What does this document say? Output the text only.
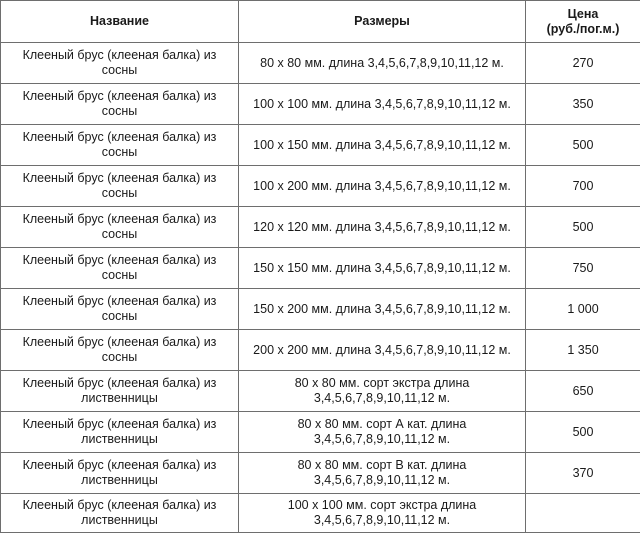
Название	Размеры	Цена
(руб./пог.м.)
Клееный брус (клееная балка) из сосны	80 х 80 мм. длина 3,4,5,6,7,8,9,10,11,12 м.	270
Клееный брус (клееная балка) из сосны	100 х 100 мм. длина 3,4,5,6,7,8,9,10,11,12 м.	350
Клееный брус (клееная балка) из сосны	100 х 150 мм. длина 3,4,5,6,7,8,9,10,11,12 м.	500
Клееный брус (клееная балка) из сосны	100 х 200 мм. длина 3,4,5,6,7,8,9,10,11,12 м.	700
Клееный брус (клееная балка) из сосны	120 х 120 мм. длина 3,4,5,6,7,8,9,10,11,12 м.	500
Клееный брус (клееная балка) из сосны	150 х 150 мм. длина 3,4,5,6,7,8,9,10,11,12 м.	750
Клееный брус (клееная балка) из сосны	150 х 200 мм. длина 3,4,5,6,7,8,9,10,11,12 м.	1 000
Клееный брус (клееная балка) из сосны	200 х 200 мм. длина 3,4,5,6,7,8,9,10,11,12 м.	1 350
Клееный брус (клееная балка) из лиственницы	80 х 80 мм. сорт экстра длина 3,4,5,6,7,8,9,10,11,12 м.	650
Клееный брус (клееная балка) из лиственницы	80 х 80 мм. сорт А кат. длина 3,4,5,6,7,8,9,10,11,12 м.	500
Клееный брус (клееная балка) из лиственницы	80 х 80 мм. сорт В кат. длина 3,4,5,6,7,8,9,10,11,12 м.	370
Клееный брус (клееная балка) из лиственницы	100 х 100 мм. сорт экстра длина 3,4,5,6,7,8,9,10,11,12 м.	
